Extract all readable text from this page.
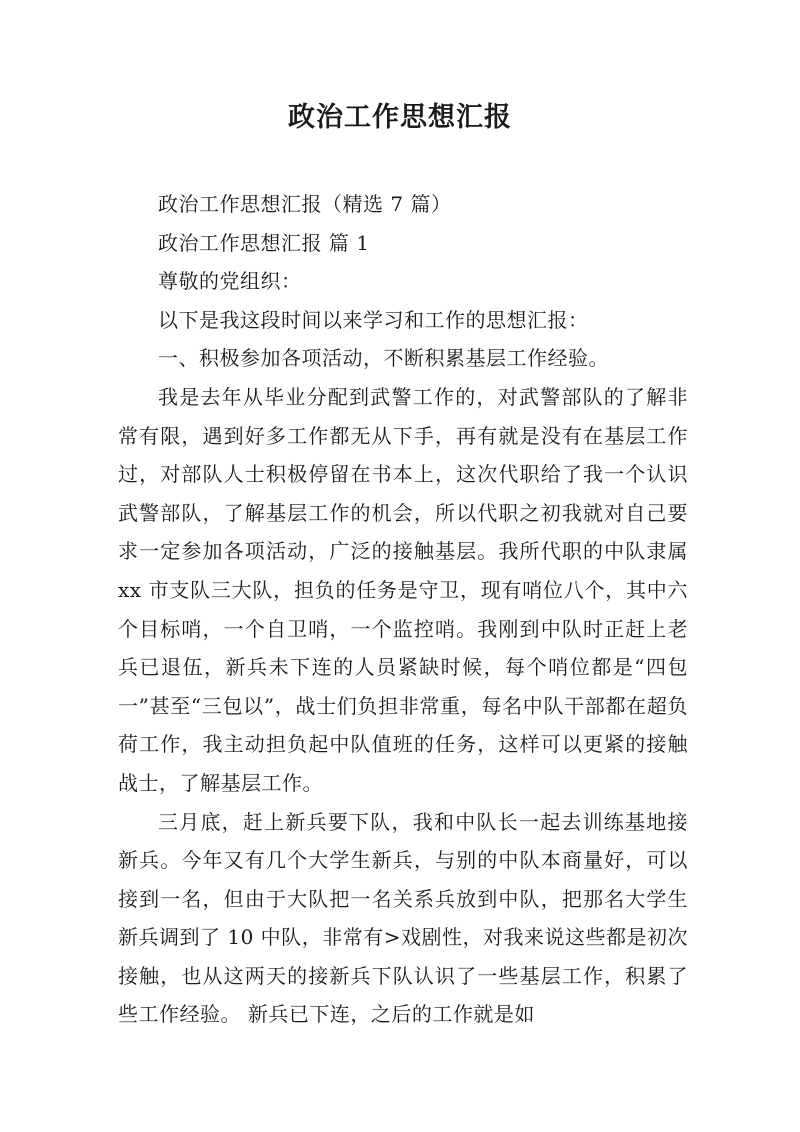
政治工作思想汇报

政治工作思想汇报（精选 7 篇）

政治工作思想汇报 篇 1

尊敬的党组织：

以下是我这段时间以来学习和工作的思想汇报：

一、积极参加各项活动，不断积累基层工作经验。

我是去年从毕业分配到武警工作的，对武警部队的了解非常有限，遇到好多工作都无从下手，再有就是没有在基层工作过，对部队人士积极停留在书本上，这次代职给了我一个认识武警部队，了解基层工作的机会，所以代职之初我就对自己要求一定参加各项活动，广泛的接触基层。我所代职的中队隶属 xx 市支队三大队，担负的任务是守卫，现有哨位八个，其中六个目标哨，一个自卫哨，一个监控哨。我刚到中队时正赶上老兵已退伍，新兵未下连的人员紧缺时候，每个哨位都是“四包一”甚至“三包以”，战士们负担非常重，每名中队干部都在超负荷工作，我主动担负起中队值班的任务，这样可以更紧的接触战士，了解基层工作。

三月底，赶上新兵要下队，我和中队长一起去训练基地接新兵。今年又有几个大学生新兵，与别的中队本商量好，可以接到一名，但由于大队把一名关系兵放到中队，把那名大学生新兵调到了 10 中队，非常有>戏剧性，对我来说这些都是初次接触，也从这两天的接新兵下队认识了一些基层工作，积累了些工作经验。 新兵已下连，之后的工作就是如
